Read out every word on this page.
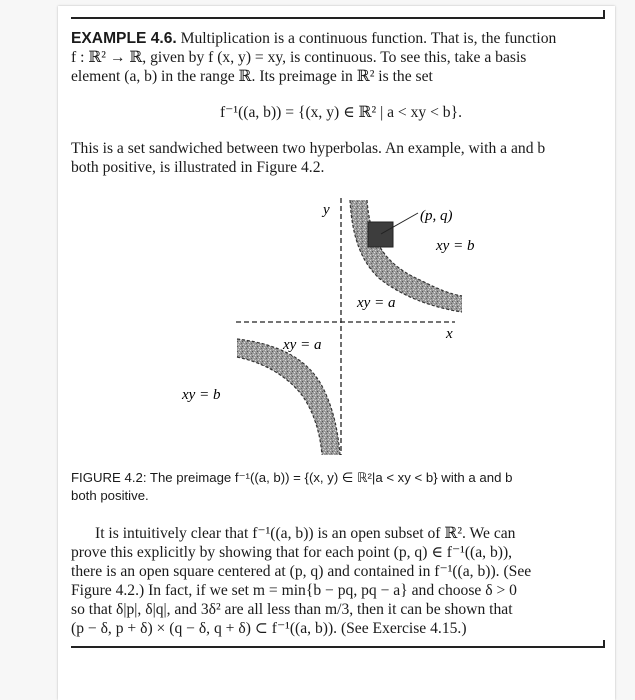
EXAMPLE 4.6. Multiplication is a continuous function. That is, the function

f : ℝ² → ℝ, given by f (x, y) = xy, is continuous. To see this, take a basis

element (a, b) in the range ℝ. Its preimage in ℝ² is the set

f⁻¹((a, b)) = {(x, y) ∈ ℝ² | a < xy < b}.

This is a set sandwiched between two hyperbolas. An example, with a and b

both positive, is illustrated in Figure 4.2.

y
x
(p, q)
xy = b
xy = a
xy = a
xy = b

FIGURE 4.2: The preimage f⁻¹((a, b)) = {(x, y) ∈ ℝ²|a < xy < b} with a and b

both positive.

It is intuitively clear that f⁻¹((a, b)) is an open subset of ℝ². We can

prove this explicitly by showing that for each point (p, q) ∈ f⁻¹((a, b)),

there is an open square centered at (p, q) and contained in f⁻¹((a, b)). (See

Figure 4.2.) In fact, if we set m = min{b − pq, pq − a} and choose δ > 0

so that δ|p|, δ|q|, and 3δ² are all less than m/3, then it can be shown that

(p − δ, p + δ) × (q − δ, q + δ) ⊂ f⁻¹((a, b)). (See Exercise 4.15.)
